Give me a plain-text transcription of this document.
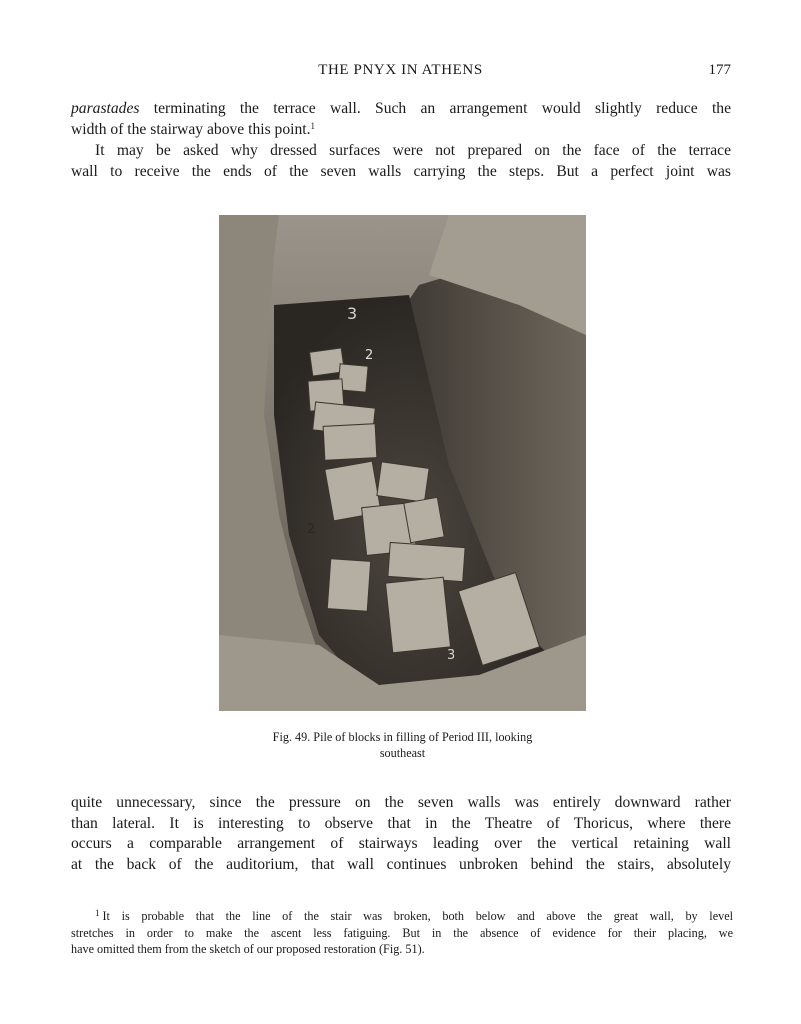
THE PNYX IN ATHENS	177
parastades terminating the terrace wall. Such an arrangement would slightly reduce the
width of the stairway above this point.$^1$
It may be asked why dressed surfaces were not prepared on the face of the terrace
wall to receive the ends of the seven walls carrying the steps. But a perfect joint was
3
2
2
3
Fig. 49. Pile of blocks in filling of Period III, looking
southeast
quite unnecessary, since the pressure on the seven walls was entirely downward rather
than lateral. It is interesting to observe that in the Theatre of Thoricus, where there
occurs a comparable arrangement of stairways leading over the vertical retaining wall
at the back of the auditorium, that wall continues unbroken behind the stairs, absolutely
$^1$ It is probable that the line of the stair was broken, both below and above the great wall, by level
stretches in order to make the ascent less fatiguing. But in the absence of evidence for their placing, we
have omitted them from the sketch of our proposed restoration (Fig. 51).
